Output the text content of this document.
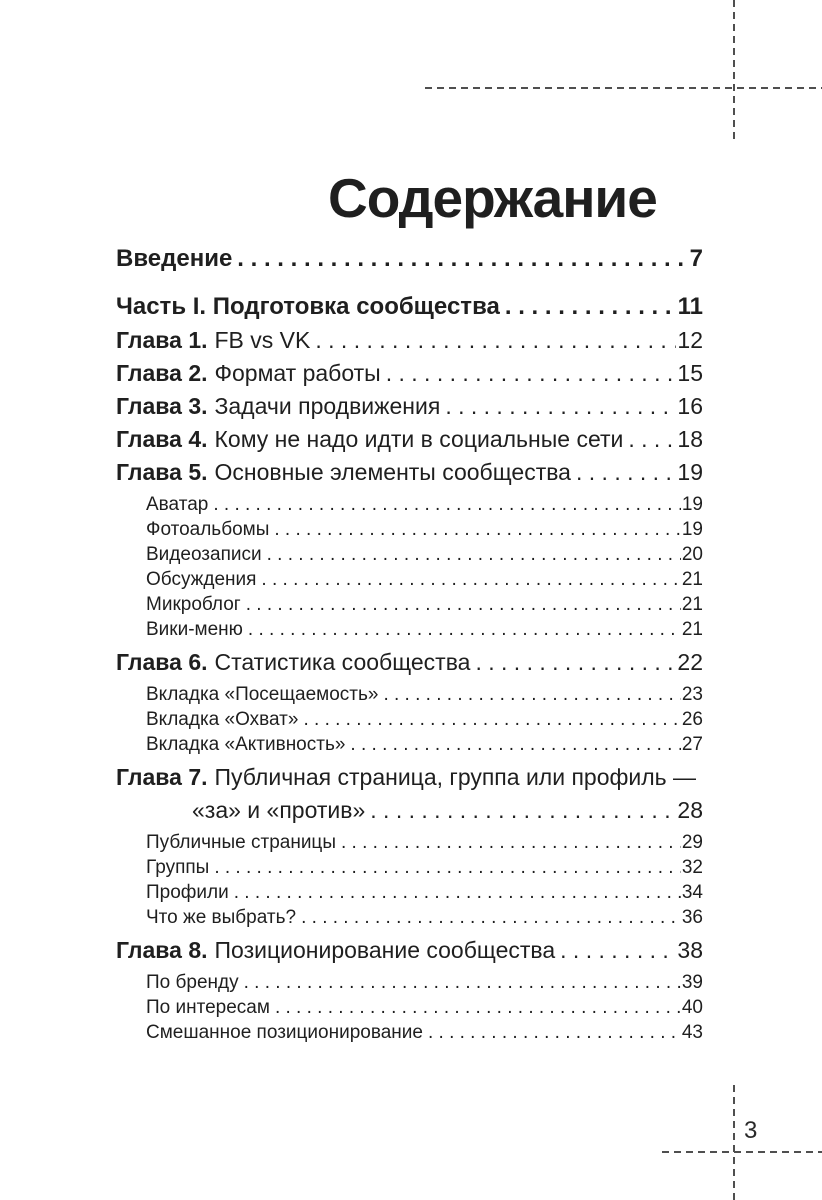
Содержание
Введение . . .	7
Часть I. Подготовка сообщества . . .	11
Глава 1. FB vs VK . . .	12
Глава 2. Формат работы . . .	15
Глава 3. Задачи продвижения . . .	16
Глава 4. Кому не надо идти в социальные сети . . . 18
Глава 5. Основные элементы сообщества . . .	19
Аватар . . .	19
Фотоальбомы . . .	19
Видеозаписи . . .	20
Обсуждения . . .	21
Микроблог . . .	21
Вики-меню . . .	21
Глава 6. Статистика сообщества . . .	22
Вкладка «Посещаемость» . . .	23
Вкладка «Охват» . . .	26
Вкладка «Активность» . . .	27
Глава 7. Публичная страница, группа или профиль —
«за» и «против» . . .	28
Публичные страницы . . .	29
Группы . . .	32
Профили . . .	34
Что же выбрать? . . .	36
Глава 8. Позиционирование сообщества . . .	38
По бренду . . .	39
По интересам . . .	40
Смешанное позиционирование . . .	43
3
